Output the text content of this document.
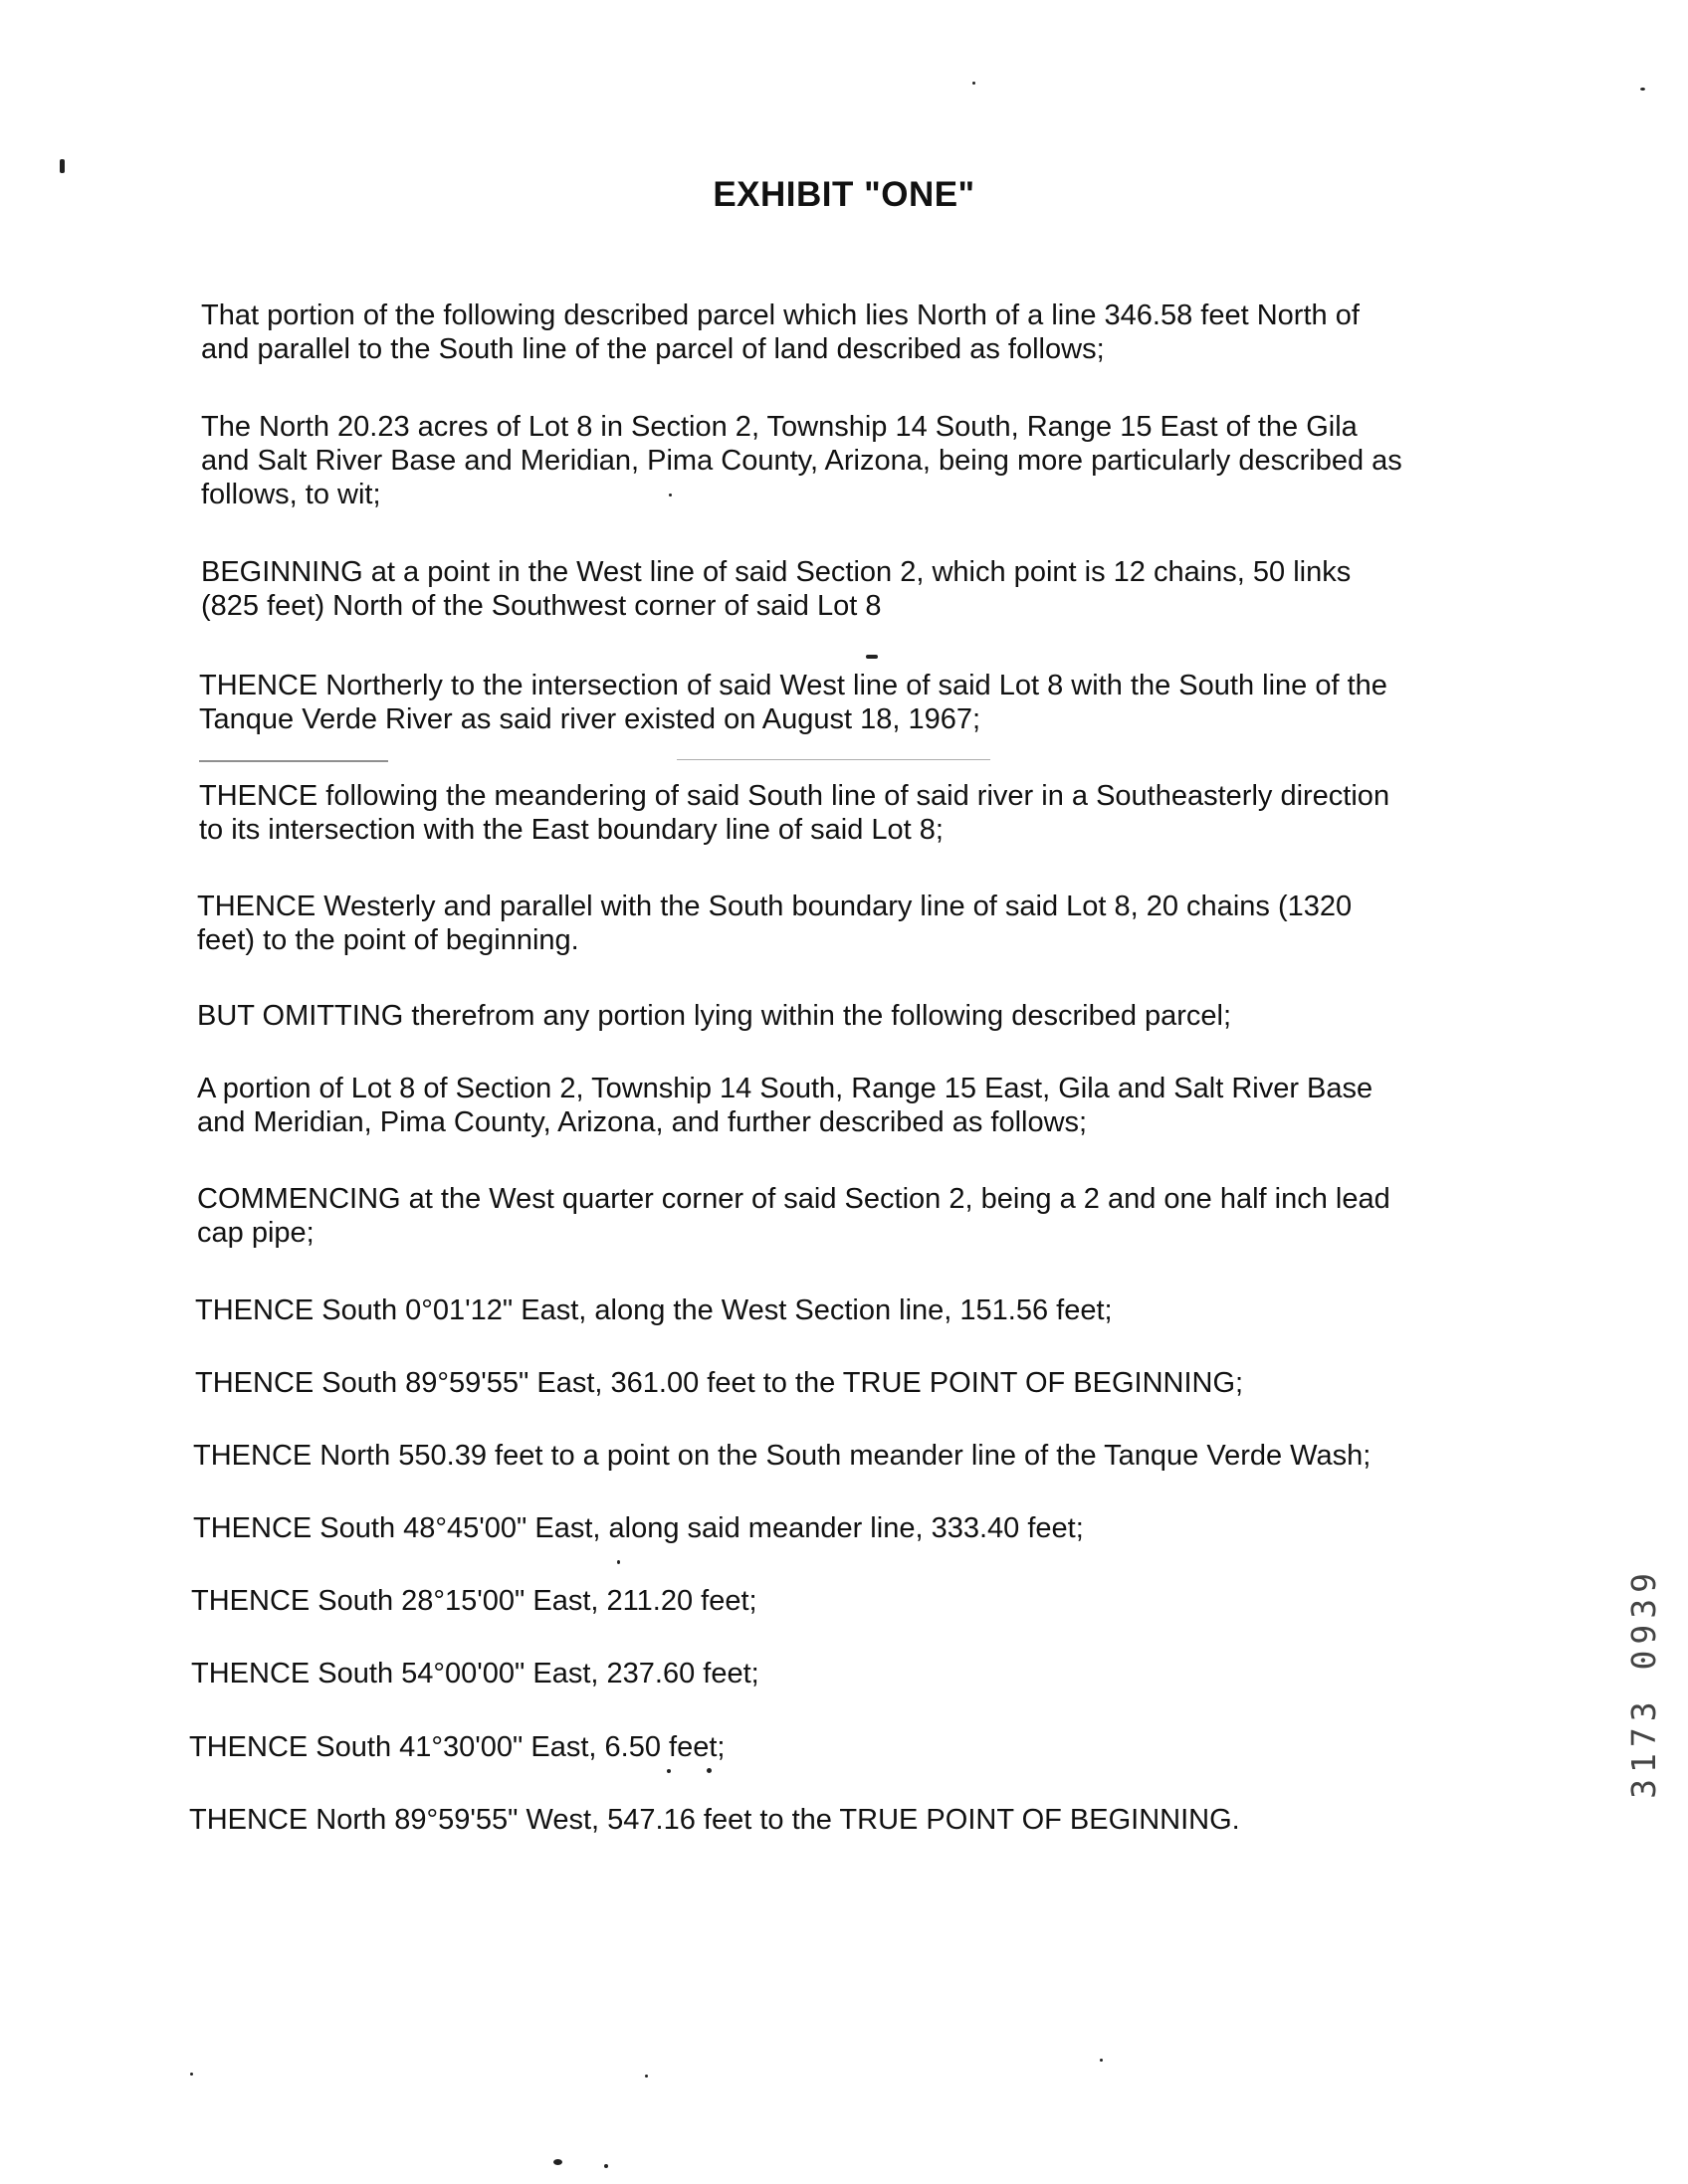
EXHIBIT "ONE"
That portion of the following described parcel which lies North of a line 346.58 feet North of
and parallel to the South line of the parcel of land described as follows;
The North 20.23 acres of Lot 8 in Section 2, Township 14 South, Range 15 East of the Gila
and Salt River Base and Meridian, Pima County, Arizona, being more particularly described as
follows, to wit;
BEGINNING at a point in the West line of said Section 2, which point is 12 chains, 50 links
(825 feet) North of the Southwest corner of said Lot 8
THENCE Northerly to the intersection of said West line of said Lot 8 with the South line of the
Tanque Verde River as said river existed on August 18, 1967;
THENCE following the meandering of said South line of said river in a Southeasterly direction
to its intersection with the East boundary line of said Lot 8;
THENCE Westerly and parallel with the South boundary line of said Lot 8, 20 chains (1320
feet) to the point of beginning.
BUT OMITTING therefrom any portion lying within the following described parcel;
A portion of Lot 8 of Section 2, Township 14 South, Range 15 East, Gila and Salt River Base
and Meridian, Pima County, Arizona, and further described as follows;
COMMENCING at the West quarter corner of said Section 2, being a 2 and one half inch lead
cap pipe;
THENCE South 0°01'12" East, along the West Section line, 151.56 feet;
THENCE South 89°59'55" East, 361.00 feet to the TRUE POINT OF BEGINNING;
THENCE North 550.39 feet to a point on the South meander line of the Tanque Verde Wash;
THENCE South 48°45'00" East, along said meander line, 333.40 feet;
THENCE South 28°15'00" East, 211.20 feet;
THENCE South 54°00'00" East, 237.60 feet;
THENCE South 41°30'00" East, 6.50 feet;
THENCE North 89°59'55" West, 547.16 feet to the TRUE POINT OF BEGINNING.
3173 0939
